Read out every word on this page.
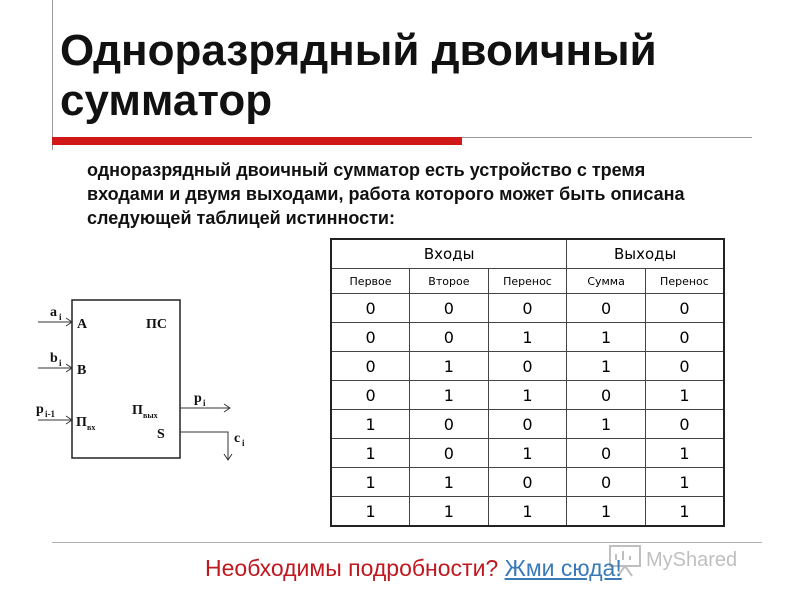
Одноразрядный двоичный
сумматор
одноразрядный двоичный сумматор есть устройство с тремя входами и двумя выходами, работа которого может быть описана следующей таблицей истинности:
Входы			Выходы	
Первое	Второе	Перенос	Сумма	Перенос
0	0	0	0	0
0	0	1	1	0
0	1	0	1	0
0	1	1	0	1
1	0	0	1	0
1	0	1	0	1
1	1	0	0	1
1	1	1	1	1
a i A
b i B
p i-1
П вх
ПС
П вых
p i
S	c i
MyShared
Необходимы подробности? Жми сюда!
